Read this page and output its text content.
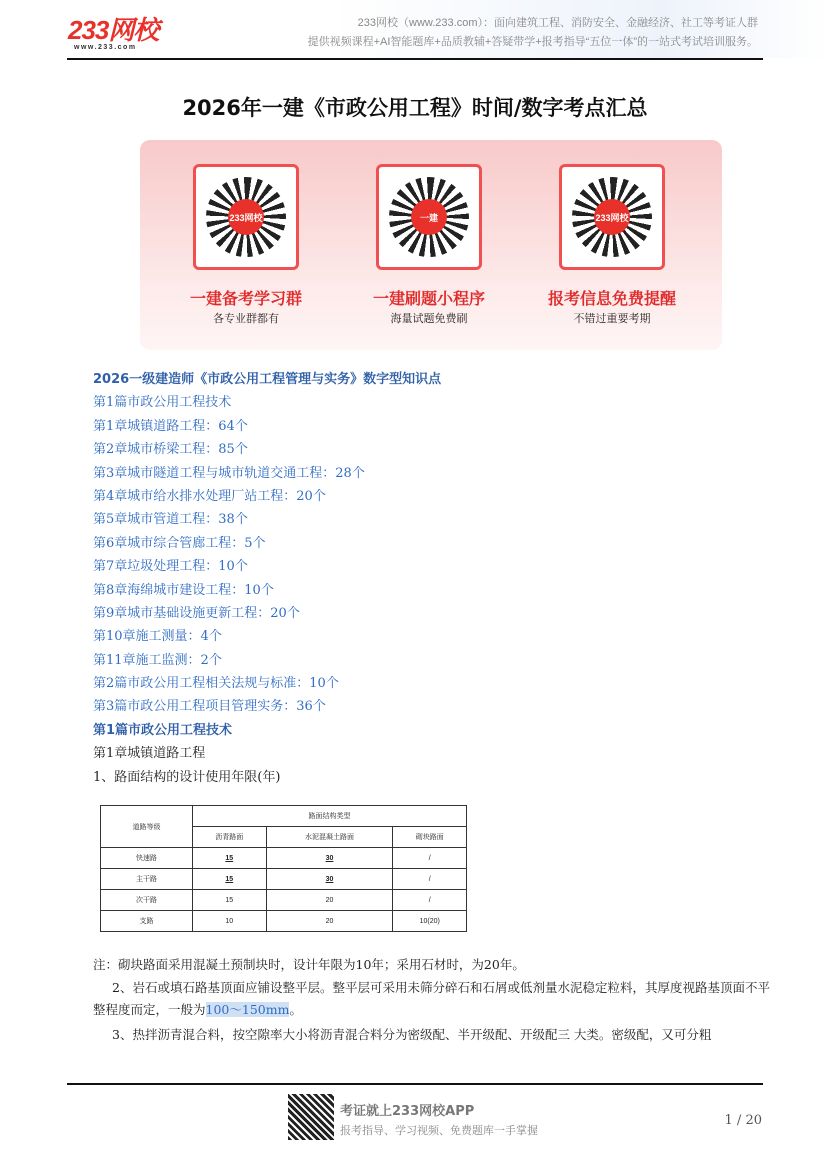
233网校
www.233.com
233网校（www.233.com）：面向建筑工程、消防安全、金融经济、社工等考证人群
提供视频课程+AI智能题库+品质教辅+答疑带学+报考指导“五位一体”的一站式考试培训服务。
2026年一建《市政公用工程》时间/数字考点汇总
233网校	一建	233网校
一建备考学习群	一建刷题小程序	报考信息免费提醒
各专业群都有	海量试题免费刷	不错过重要考期
2026一级建造师《市政公用工程管理与实务》数字型知识点
第1篇市政公用工程技术
第1章城镇道路工程：64个
第2章城市桥梁工程：85个
第3章城市隧道工程与城市轨道交通工程：28个
第4章城市给水排水处理厂站工程：20个
第5章城市管道工程：38个
第6章城市综合管廊工程：5个
第7章垃圾处理工程：10个
第8章海绵城市建设工程：10个
第9章城市基础设施更新工程：20个
第10章施工测量：4个
第11章施工监测：2个
第2篇市政公用工程相关法规与标准：10个
第3篇市政公用工程项目管理实务：36个
第1篇市政公用工程技术
第1章城镇道路工程
1、路面结构的设计使用年限(年)
道路等级	路面结构类型		
	沥青路面	水泥混凝土路面	砌块路面
快速路	15	30	/
主干路	15	30	/
次干路	15	20	/
支路	10	20	10(20)
注：砌块路面采用混凝土预制块时，设计年限为10年；采用石材时，为20年。
2、岩石或填石路基顶面应铺设整平层。整平层可采用未筛分碎石和石屑或低剂量水泥稳定粒料，其厚度视路基顶面不平整程度而定，一般为100～150mm。
3、热拌沥青混合料，按空隙率大小将沥青混合料分为密级配、半开级配、开级配三 大类。密级配，又可分粗
考证就上233网校APP
报考指导、学习视频、免费题库一手掌握
1 / 20
